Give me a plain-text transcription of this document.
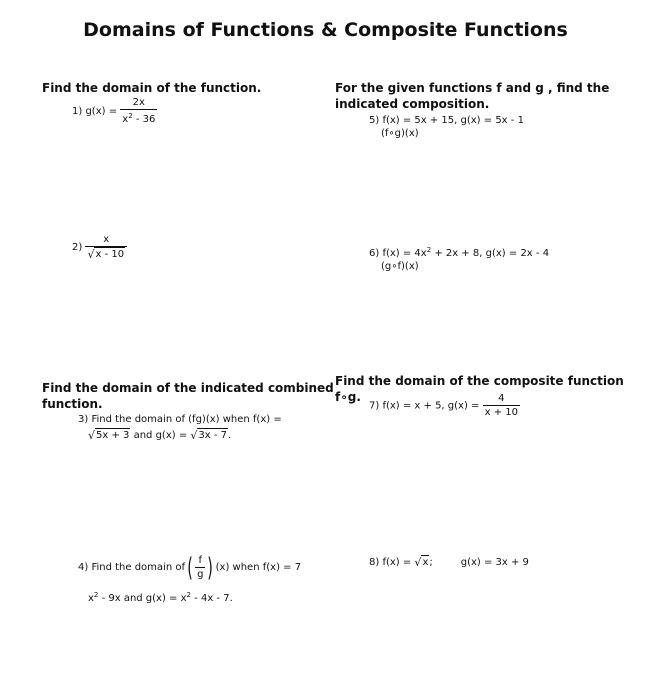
Domains of Functions & Composite Functions
Find the domain of the function.
1) $g(x) = \frac{2x}{x^2 - 36}$
$2) \frac{x}{√x - 10}$
For the given functions f and g , find the
indicated composition.
5) f(x) = 5x + 15, g(x) = 5x - 1
(f∘g)(x)
6) $f(x) = 4x^2 + 2x + 8$, g(x) = 2x - 4
(g∘f)(x)
Find the domain of the indicated combined
function.
3) Find the domain of (fg)(x) when f(x) =
√5x + 3 and g(x) = √3x - 7.
4) Find the domain of ( $\frac{f}{g}$ ) (x) when f(x) = 7
$x^2 - 9x$ and $g(x) = x^2 - 4x - 7$.
Find the domain of the composite function f∘g.
7) f(x) = x + 5, $g(x) = \frac{4}{x + 10}$
8) f(x) = √x;	g(x) = 3x + 9
